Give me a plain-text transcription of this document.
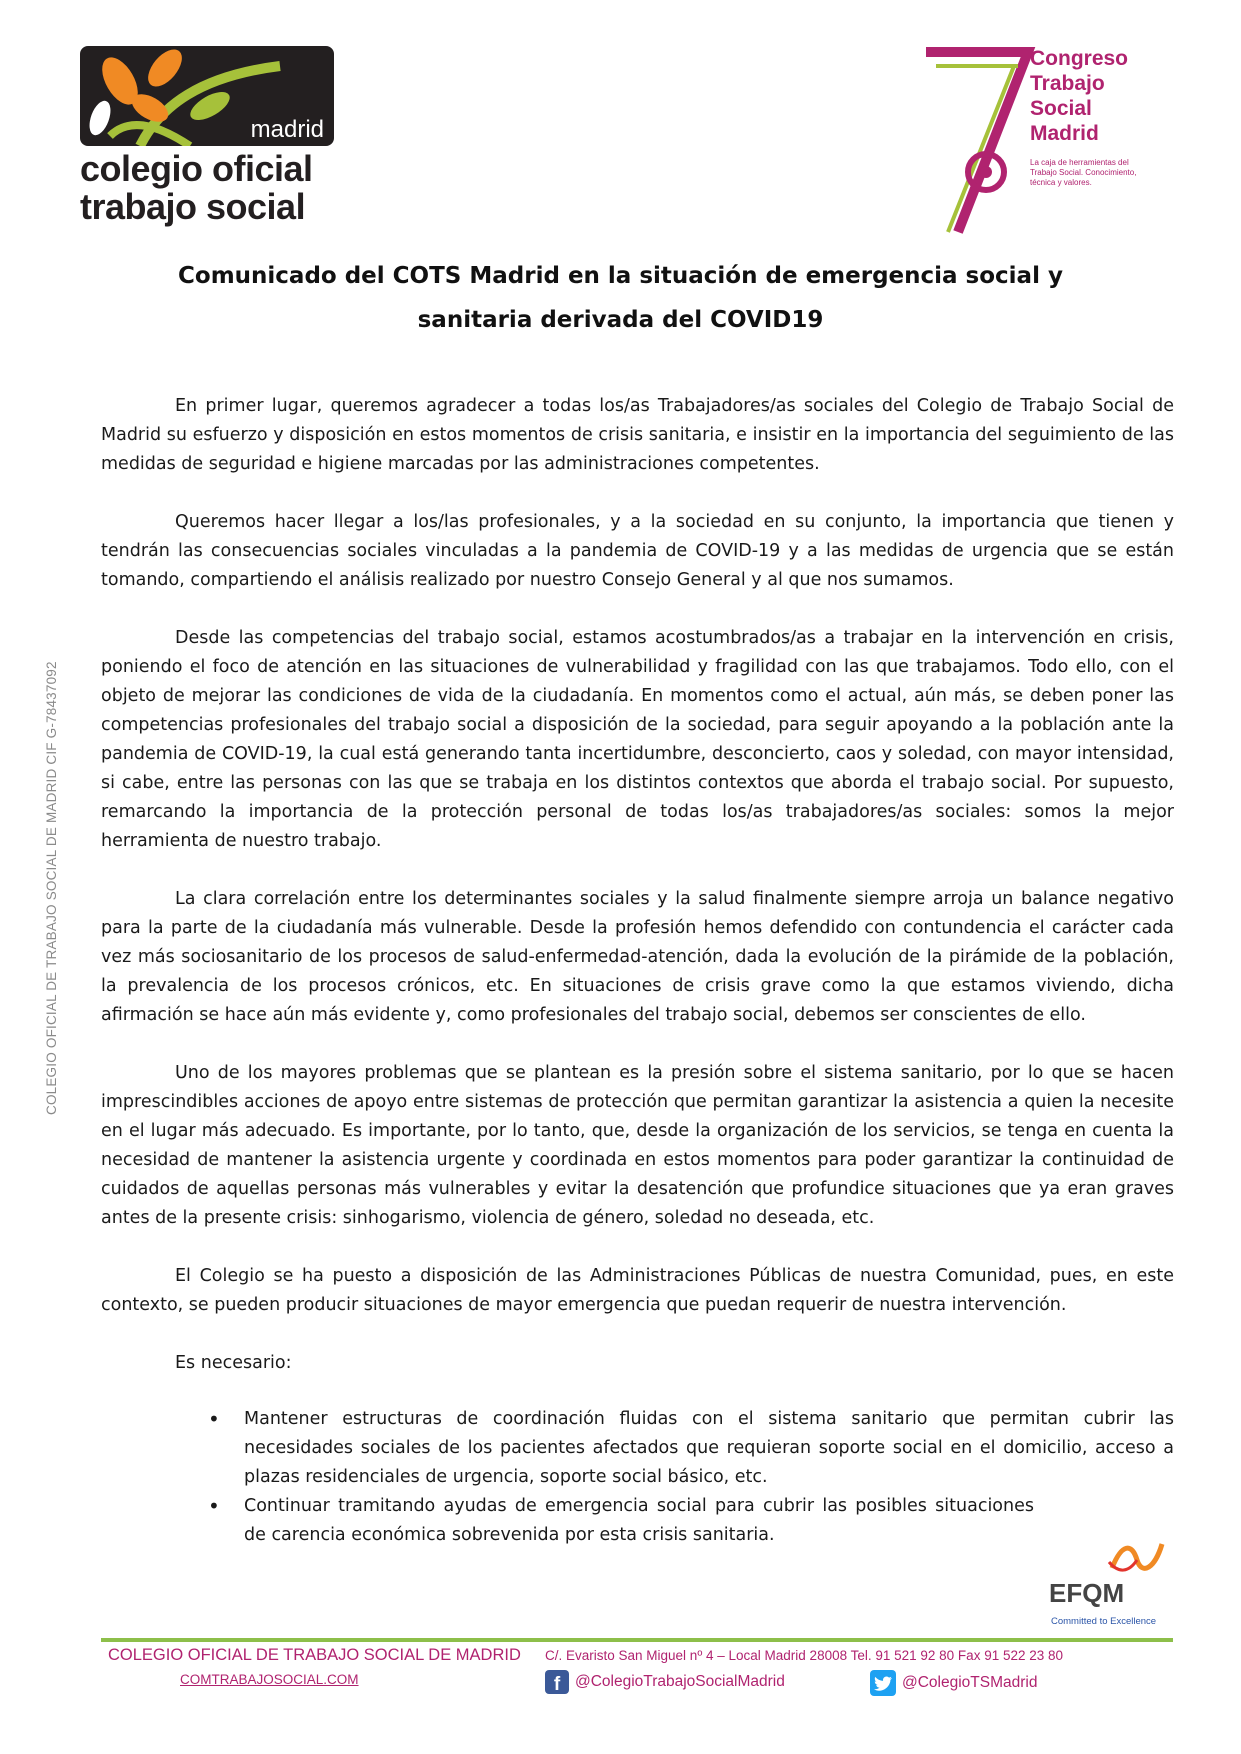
madrid
colegio oficial
trabajo social
Congreso
Trabajo
Social
Madrid
La caja de herramientas del Trabajo Social. Conocimiento, técnica y valores.
Comunicado del COTS Madrid en la situación de emergencia social y
sanitaria derivada del COVID19

En primer lugar, queremos agradecer a todas los/as Trabajadores/as sociales del Colegio de Trabajo Social de Madrid su esfuerzo y disposición en estos momentos de crisis sanitaria, e insistir en la importancia del seguimiento de las medidas de seguridad e higiene marcadas por las administraciones competentes.

Queremos hacer llegar a los/las profesionales, y a la sociedad en su conjunto, la importancia que tienen y tendrán las consecuencias sociales vinculadas a la pandemia de COVID-19 y a las medidas de urgencia que se están tomando, compartiendo el análisis realizado por nuestro Consejo General y al que nos sumamos.

Desde las competencias del trabajo social, estamos acostumbrados/as a trabajar en la intervención en crisis, poniendo el foco de atención en las situaciones de vulnerabilidad y fragilidad con las que trabajamos. Todo ello, con el objeto de mejorar las condiciones de vida de la ciudadanía. En momentos como el actual, aún más, se deben poner las competencias profesionales del trabajo social a disposición de la sociedad, para seguir apoyando a la población ante la pandemia de COVID-19, la cual está generando tanta incertidumbre, desconcierto, caos y soledad, con mayor intensidad, si cabe, entre las personas con las que se trabaja en los distintos contextos que aborda el trabajo social. Por supuesto, remarcando la importancia de la protección personal de todas los/as trabajadores/as sociales: somos la mejor herramienta de nuestro trabajo.

La clara correlación entre los determinantes sociales y la salud finalmente siempre arroja un balance negativo para la parte de la ciudadanía más vulnerable. Desde la profesión hemos defendido con contundencia el carácter cada vez más sociosanitario de los procesos de salud-enfermedad-atención, dada la evolución de la pirámide de la población, la prevalencia de los procesos crónicos, etc. En situaciones de crisis grave como la que estamos viviendo, dicha afirmación se hace aún más evidente y, como profesionales del trabajo social, debemos ser conscientes de ello.

Uno de los mayores problemas que se plantean es la presión sobre el sistema sanitario, por lo que se hacen imprescindibles acciones de apoyo entre sistemas de protección que permitan garantizar la asistencia a quien la necesite en el lugar más adecuado. Es importante, por lo tanto, que, desde la organización de los servicios, se tenga en cuenta la necesidad de mantener la asistencia urgente y coordinada en estos momentos para poder garantizar la continuidad de cuidados de aquellas personas más vulnerables y evitar la desatención que profundice situaciones que ya eran graves antes de la presente crisis: sinhogarismo, violencia de género, soledad no deseada, etc.

El Colegio se ha puesto a disposición de las Administraciones Públicas de nuestra Comunidad, pues, en este contexto, se pueden producir situaciones de mayor emergencia que puedan requerir de nuestra intervención.

Es necesario:

• Mantener estructuras de coordinación fluidas con el sistema sanitario que permitan cubrir las necesidades sociales de los pacientes afectados que requieran soporte social en el domicilio, acceso a plazas residenciales de urgencia, soporte social básico, etc.
• Continuar tramitando ayudas de emergencia social para cubrir las posibles situaciones de carencia económica sobrevenida por esta crisis sanitaria.
COLEGIO OFICIAL DE TRABAJO SOCIAL DE MADRID CIF G-78437092
EFQM
Committed to Excellence
COLEGIO OFICIAL DE TRABAJO SOCIAL DE MADRID
COMTRABAJOSOCIAL.COM
C/. Evaristo San Miguel nº 4 – Local Madrid 28008 Tel. 91 521 92 80 Fax 91 522 23 80
f @ColegioTrabajoSocialMadrid	@ColegioTSMadrid
